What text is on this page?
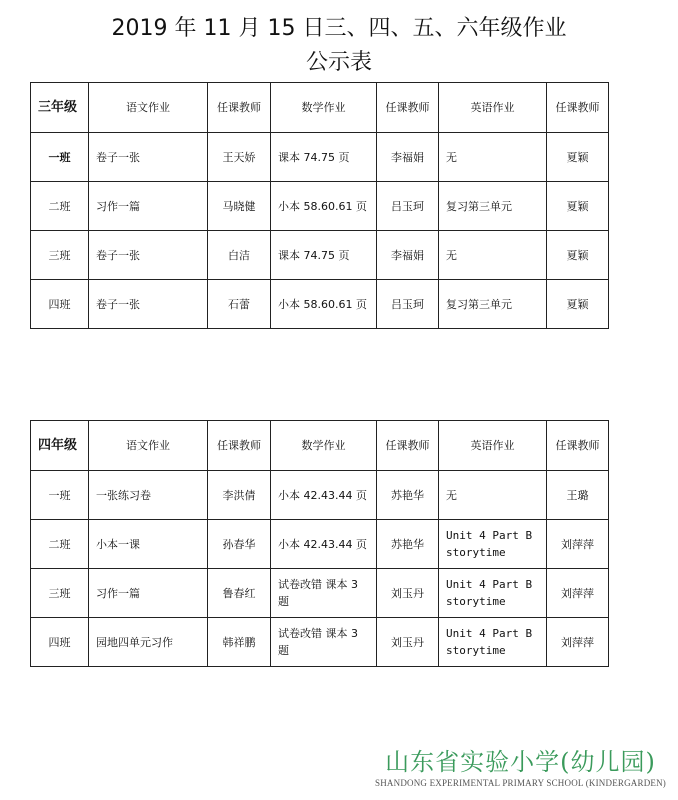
2019 年 11 月 15 日三、四、五、六年级作业
公示表
三年级	语文作业	任课教师	数学作业	任课教师	英语作业	任课教师
一班	卷子一张	王天娇	课本 74.75 页	李福娟	无	夏颖
二班	习作一篇	马晓健	小本 58.60.61 页	吕玉珂	复习第三单元	夏颖
三班	卷子一张	白洁	课本 74.75 页	李福娟	无	夏颖
四班	卷子一张	石蕾	小本 58.60.61 页	吕玉珂	复习第三单元	夏颖
四年级	语文作业	任课教师	数学作业	任课教师	英语作业	任课教师
一班	一张练习卷	李洪倩	小本 42.43.44 页	苏艳华	无	王璐
二班	小本一课	孙春华	小本 42.43.44 页	苏艳华	Unit 4 Part B storytime	刘萍萍
三班	习作一篇	鲁春红	试卷改错 课本 3 题	刘玉丹	Unit 4 Part B storytime	刘萍萍
四班	园地四单元习作	韩祥鹏	试卷改错 课本 3 题	刘玉丹	Unit 4 Part B storytime	刘萍萍
山东省实验小学(幼儿园)
SHANDONG EXPERIMENTAL PRIMARY SCHOOL (KINDERGARDEN)
